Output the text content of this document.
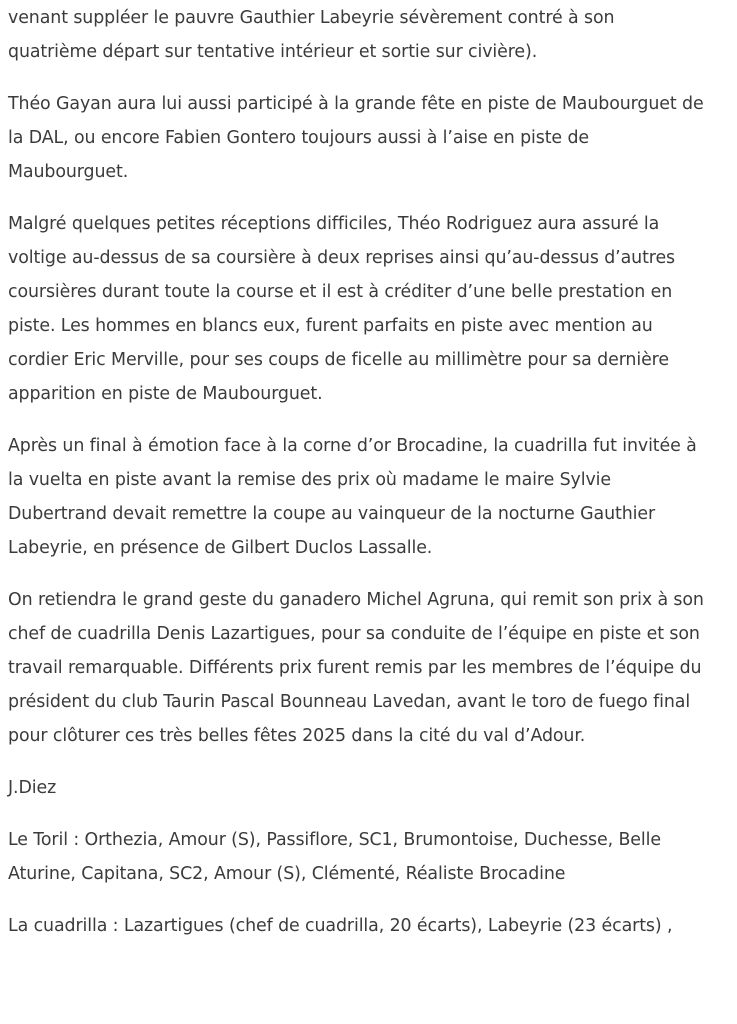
venant suppléer le pauvre Gauthier Labeyrie sévèrement contré à son
quatrième départ sur tentative intérieur et sortie sur civière).

Théo Gayan aura lui aussi participé à la grande fête en piste de Maubourguet de
la DAL, ou encore Fabien Gontero toujours aussi à l’aise en piste de
Maubourguet.

Malgré quelques petites réceptions difficiles, Théo Rodriguez aura assuré la
voltige au-dessus de sa coursière à deux reprises ainsi qu’au-dessus d’autres
coursières durant toute la course et il est à créditer d’une belle prestation en
piste. Les hommes en blancs eux, furent parfaits en piste avec mention au
cordier Eric Merville, pour ses coups de ficelle au millimètre pour sa dernière
apparition en piste de Maubourguet.

Après un final à émotion face à la corne d’or Brocadine, la cuadrilla fut invitée à
la vuelta en piste avant la remise des prix où madame le maire Sylvie
Dubertrand devait remettre la coupe au vainqueur de la nocturne Gauthier
Labeyrie, en présence de Gilbert Duclos Lassalle.

On retiendra le grand geste du ganadero Michel Agruna, qui remit son prix à son
chef de cuadrilla Denis Lazartigues, pour sa conduite de l’équipe en piste et son
travail remarquable. Différents prix furent remis par les membres de l’équipe du
président du club Taurin Pascal Bounneau Lavedan, avant le toro de fuego final
pour clôturer ces très belles fêtes 2025 dans la cité du val d’Adour.

J.Diez

Le Toril : Orthezia, Amour (S), Passiflore, SC1, Brumontoise, Duchesse, Belle
Aturine, Capitana, SC2, Amour (S), Clémenté, Réaliste Brocadine

La cuadrilla : Lazartigues (chef de cuadrilla, 20 écarts), Labeyrie (23 écarts) ,
